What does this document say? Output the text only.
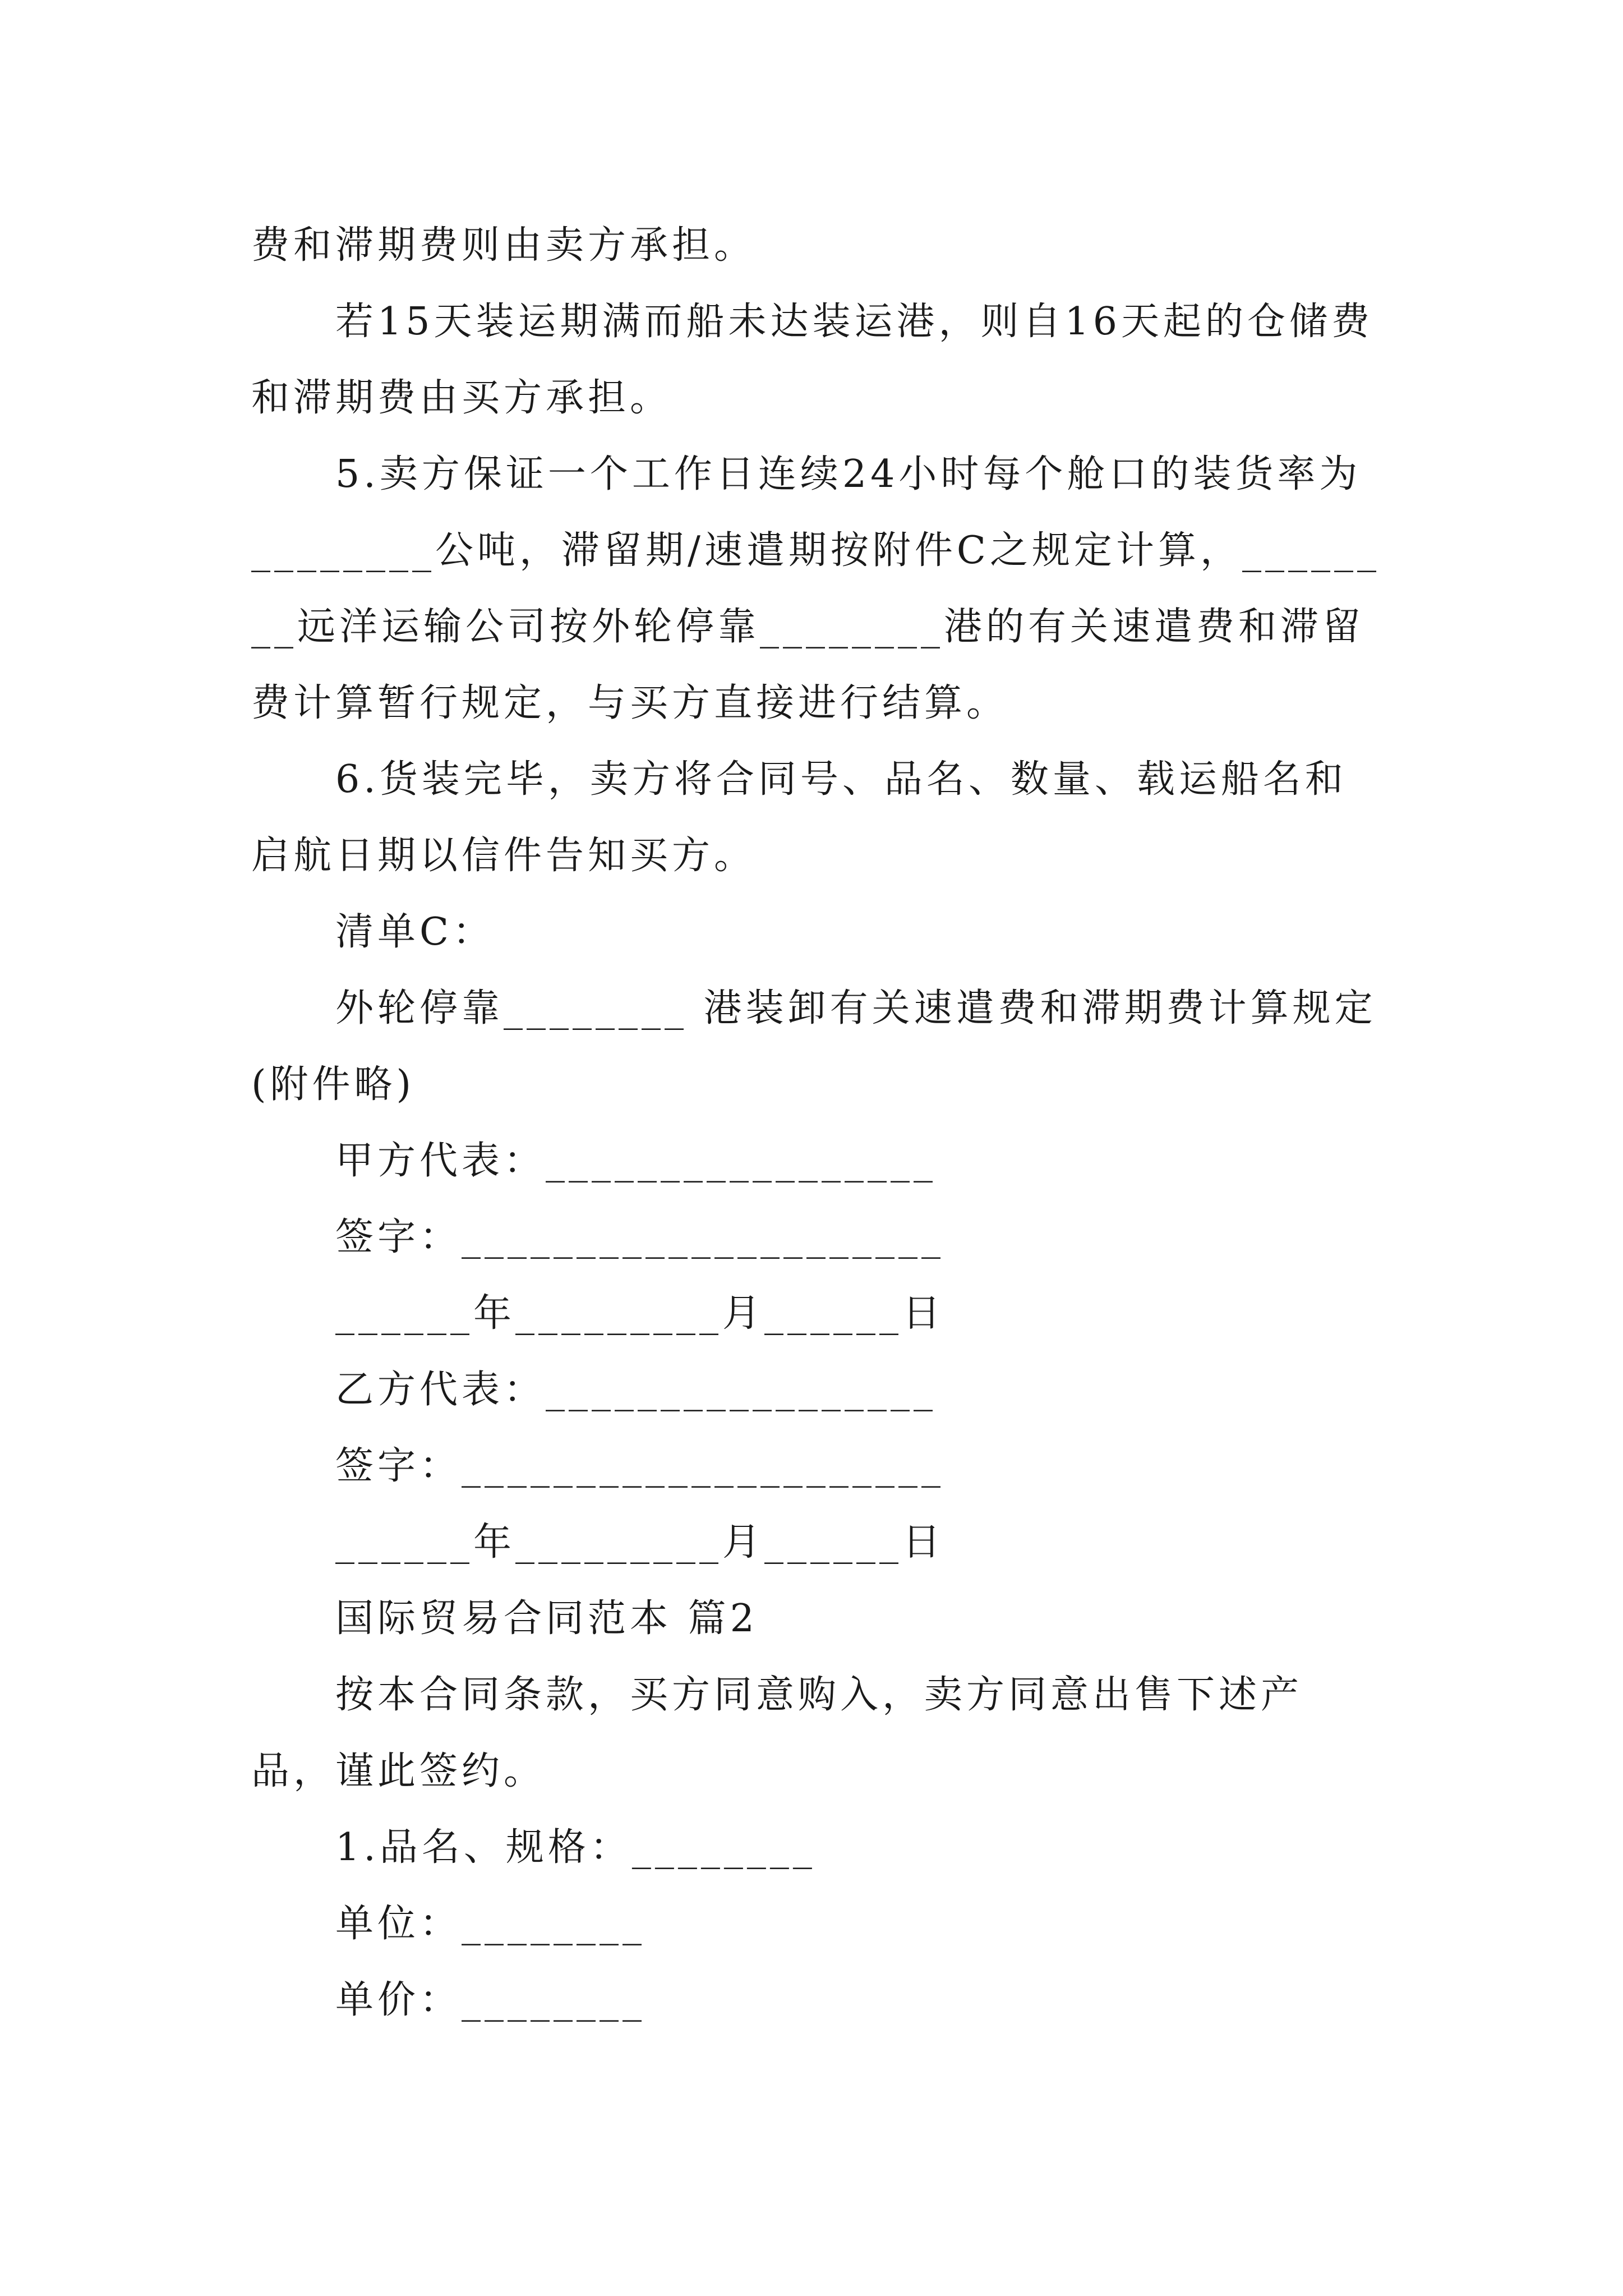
费和滞期费则由卖方承担。

若15天装运期满而船未达装运港，则自16天起的仓储费和滞期费由买方承担。

5.卖方保证一个工作日连续24小时每个舱口的装货率为________公吨，滞留期/速遣期按附件C之规定计算，________远洋运输公司按外轮停靠________港的有关速遣费和滞留费计算暂行规定，与买方直接进行结算。

6.货装完毕，卖方将合同号、品名、数量、载运船名和启航日期以信件告知买方。

清单C：

外轮停靠________ 港装卸有关速遣费和滞期费计算规定(附件略)

甲方代表：_________________

签字：_____________________

______年_________月______日

乙方代表：_________________

签字：_____________________

______年_________月______日

国际贸易合同范本 篇2

按本合同条款，买方同意购入，卖方同意出售下述产品，谨此签约。

1.品名、规格：________

单位：________

单价：________
